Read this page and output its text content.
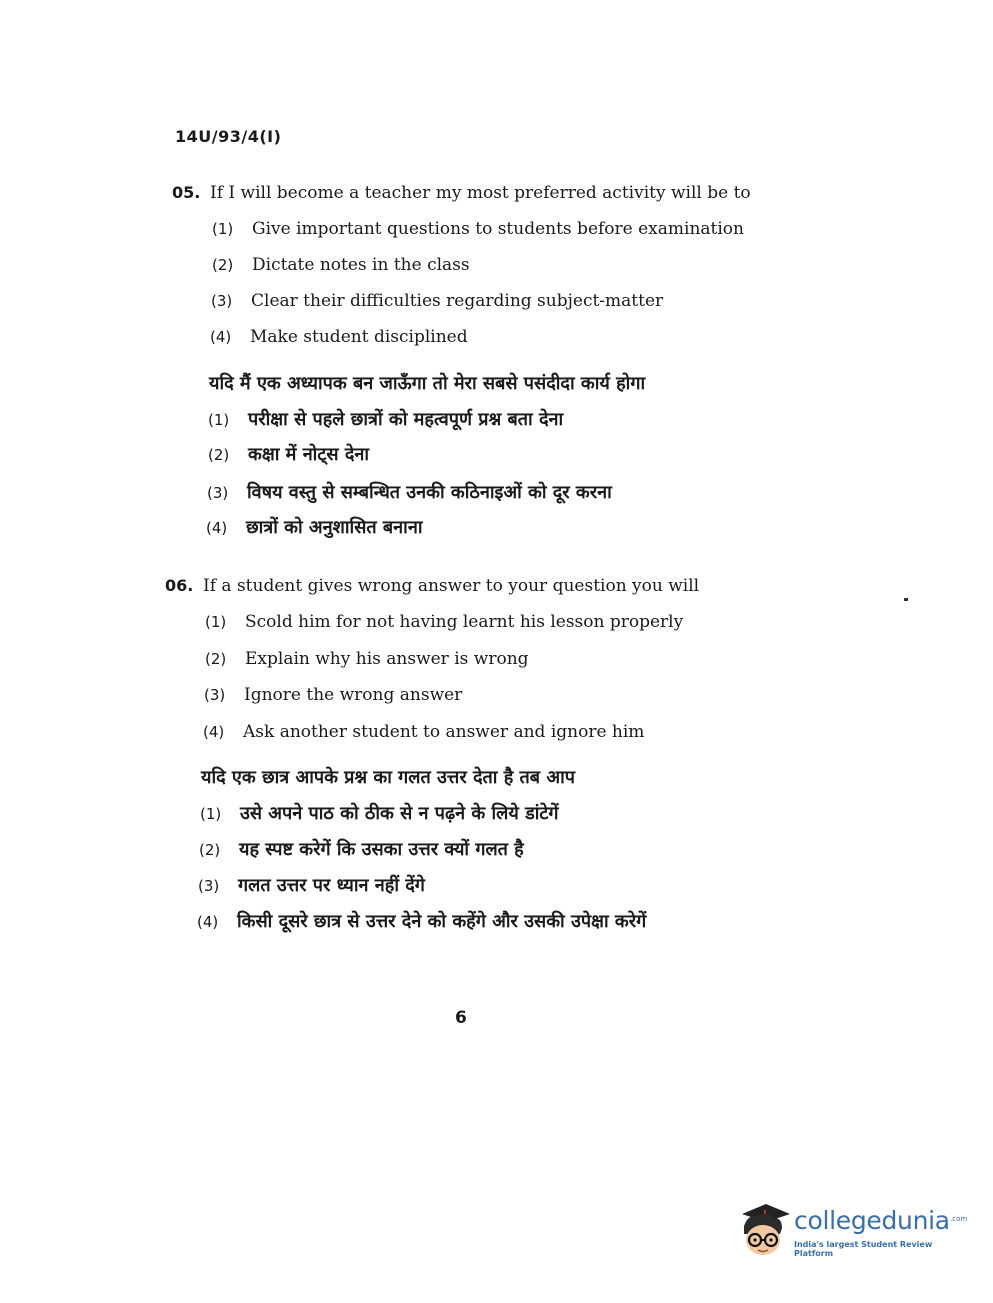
14U/93/4(I)
05. If I will become a teacher my most preferred activity will be to
(1) Give important questions to students before examination
(2) Dictate notes in the class
(3) Clear their difficulties regarding subject-matter
(4) Make student disciplined
यदि मैं एक अध्यापक बन जाऊँगा तो मेरा सबसे पसंदीदा कार्य होगा
(1) परीक्षा से पहले छात्रों को महत्वपूर्ण प्रश्न बता देना
(2) कक्षा में नोट्स देना
(3) विषय वस्तु से सम्बन्धित उनकी कठिनाइओं को दूर करना
(4) छात्रों को अनुशासित बनाना
06. If a student gives wrong answer to your question you will
(1) Scold him for not having learnt his lesson properly
(2) Explain why his answer is wrong
(3) Ignore the wrong answer
(4) Ask another student to answer and ignore him
यदि एक छात्र आपके प्रश्न का गलत उत्तर देता है तब आप
(1) उसे अपने पाठ को ठीक से न पढ़ने के लिये डांटेगें
(2) यह स्पष्ट करेगें कि उसका उत्तर क्यों गलत है
(3) गलत उत्तर पर ध्यान नहीं देंगे
(4) किसी दूसरे छात्र से उत्तर देने को कहेंगे और उसकी उपेक्षा करेगें
6
collegedunia .com
India's largest Student Review Platform
